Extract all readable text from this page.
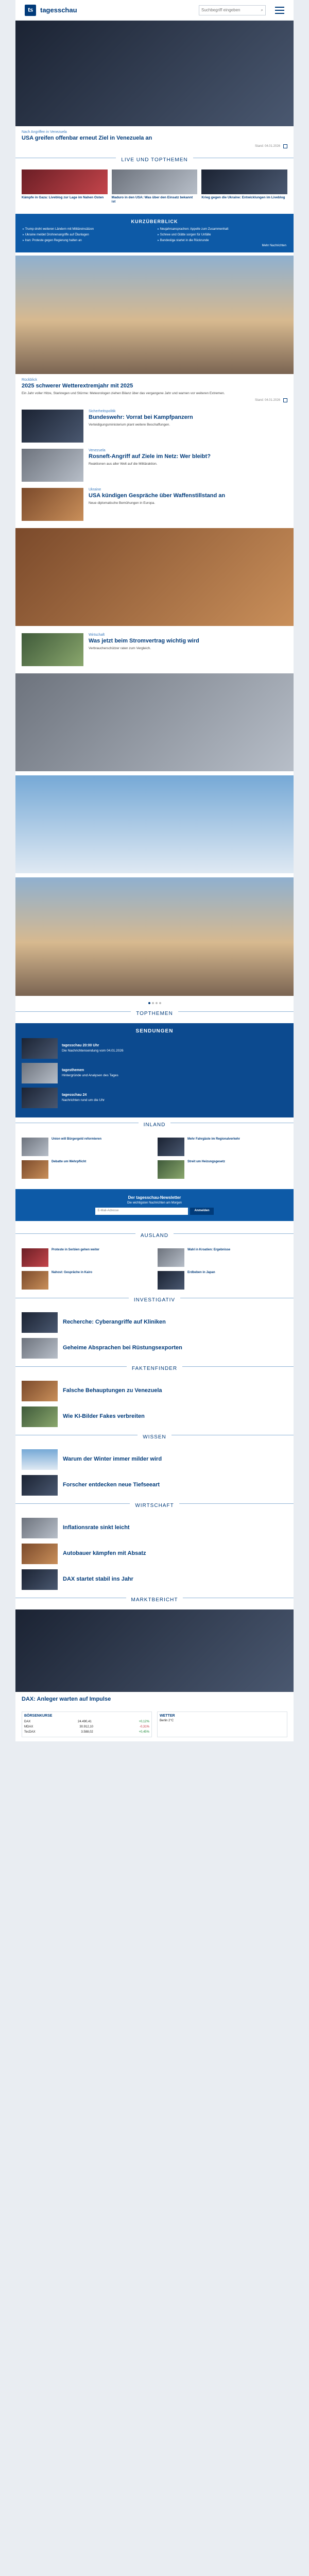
ts	tagesschau	Suchbegriff eingeben	⌕
Nach Angriffen in Venezuela
USA greifen offenbar erneut Ziel in Venezuela an
Stand: 04.01.2026
LIVE UND TOPTHEMEN
Kämpfe in Gaza: Liveblog zur Lage im Nahen Osten	Maduro in den USA: Was über den Einsatz bekannt ist
Krieg gegen die Ukraine: Entwicklungen im Liveblog
KURZÜBERBLICK
▸ Trump droht weiteren Ländern mit Militäreinsätzen	▸ Neujahrsansprachen: Appelle zum Zusammenhalt
▸ Ukraine meldet Drohnenangriffe auf Ölanlagen	▸ Schnee und Glätte sorgen für Unfälle
▸ Iran: Proteste gegen Regierung halten an	▸ Bundesliga startet in die Rückrunde
Mehr Nachrichten
Rückblick
2025 schwerer Wetterextremjahr mit 2025
Ein Jahr voller Hitze, Starkregen und Stürme: Meteorologen ziehen Bilanz über das vergangene Jahr und warnen vor weiteren Extremen.
Stand: 04.01.2026
Sicherheitspolitik
Bundeswehr: Vorrat bei Kampfpanzern
Verteidigungsministerium plant weitere Beschaffungen.
Venezuela
Rosneft-Angriff auf Ziele im Netz: Wer bleibt?
Reaktionen aus aller Welt auf die Militäraktion.
Ukraine
USA kündigen Gespräche über Waffenstillstand an
Neue diplomatische Bemühungen in Europa.
Wirtschaft
Was jetzt beim Stromvertrag wichtig wird
Verbraucherschützer raten zum Vergleich.
TOPTHEMEN
SENDUNGEN
tagesschau 20:00 Uhr
Die Nachrichtensendung vom 04.01.2026
tagesthemen
Hintergründe und Analysen des Tages
tagesschau 24
Nachrichten rund um die Uhr
INLAND
Union will Bürgergeld reformieren	Mehr Fahrgäste im Regionalverkehr
Debatte um Wehrpflicht	Streit um Heizungsgesetz
Der tagesschau-Newsletter
Die wichtigsten Nachrichten am Morgen
E-Mail-Adresse	Anmelden
AUSLAND
Proteste in Serbien gehen weiter	Wahl in Kroatien: Ergebnisse
Nahost: Gespräche in Kairo	Erdbeben in Japan
INVESTIGATIV
Recherche: Cyberangriffe auf Kliniken
Geheime Absprachen bei Rüstungsexporten
FAKTENFINDER
Falsche Behauptungen zu Venezuela
Wie KI-Bilder Fakes verbreiten
WISSEN
Warum der Winter immer milder wird
Forscher entdecken neue Tiefseeart
WIRTSCHAFT
Inflationsrate sinkt leicht
Autobauer kämpfen mit Absatz
DAX startet stabil ins Jahr
MARKTBERICHT
DAX: Anleger warten auf Impulse
BÖRSENKURSE
DAX	24.490,41	+0,12%
MDAX	30.912,10	-0,31%
TecDAX	3.588,02	+0,45%
WETTER
Berlin 2°C
